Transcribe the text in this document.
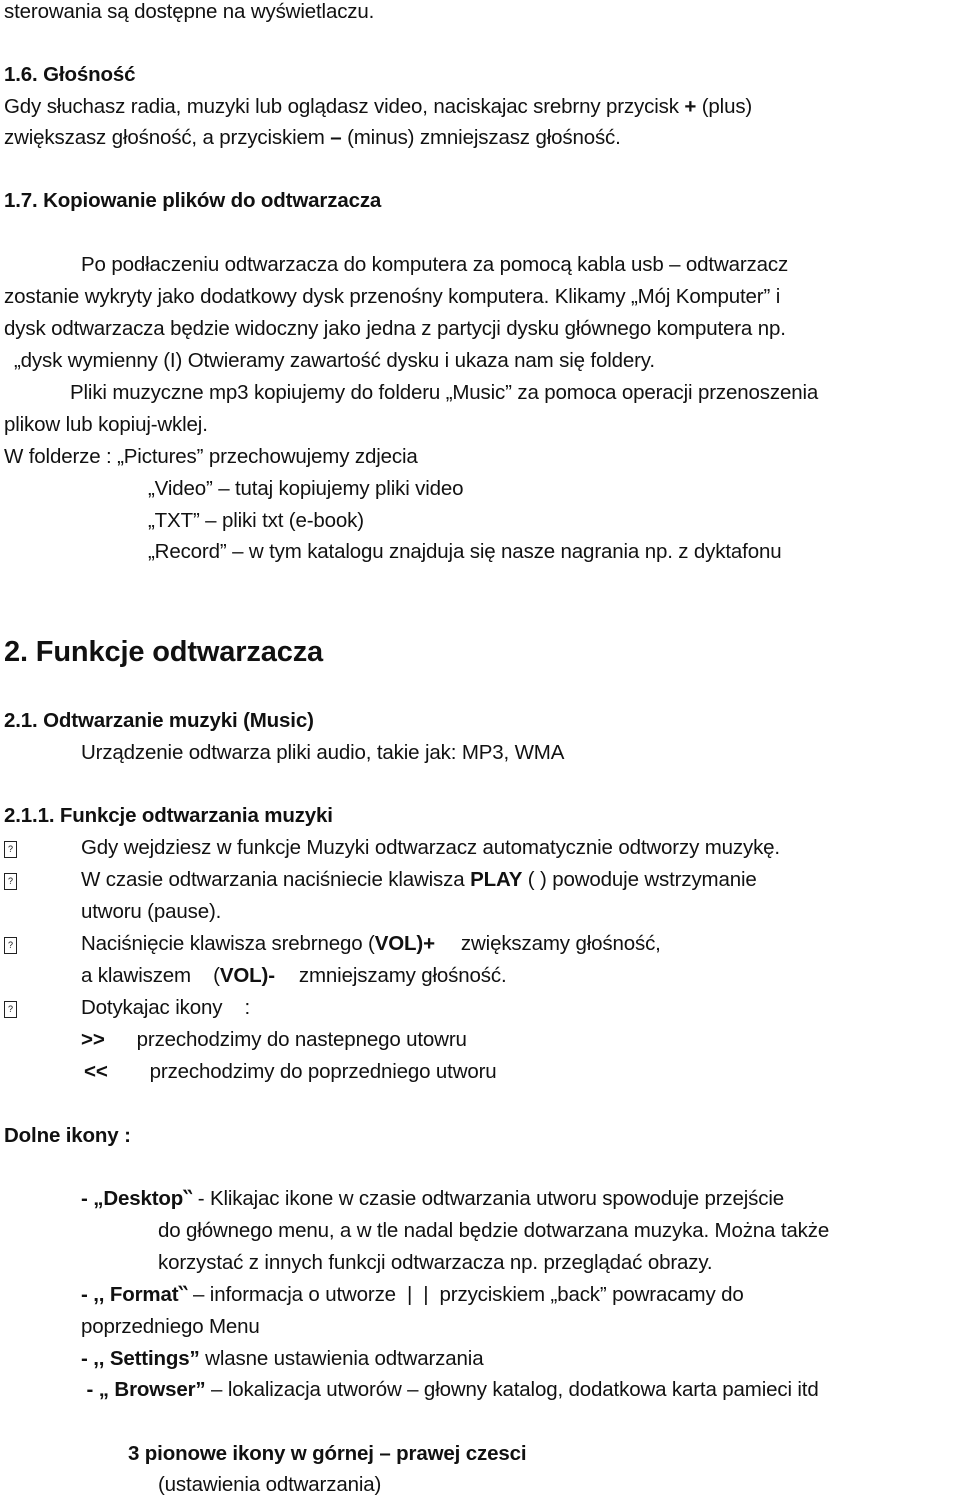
sterowania są dostępne na wyświetlaczu.
1.6. Głośność
Gdy słuchasz radia, muzyki lub oglądasz video, naciskajac srebrny przycisk + (plus)
zwiększasz głośność, a przyciskiem – (minus) zmniejszasz głośność.
1.7. Kopiowanie plików do odtwarzacza
Po podłaczeniu odtwarzacza do komputera za pomocą kabla usb – odtwarzacz
zostanie wykryty jako dodatkowy dysk przenośny komputera. Klikamy „Mój Komputer” i
dysk odtwarzacza będzie widoczny jako jedna z partycji dysku głównego komputera np.
„dysk wymienny (I) Otwieramy zawartość dysku i ukaza nam się foldery.
Pliki muzyczne mp3 kopiujemy do folderu „Music” za pomoca operacji przenoszenia
plikow lub kopiuj-wklej.
W folderze : „Pictures” przechowujemy zdjecia
„Video” – tutaj kopiujemy pliki video
„TXT” – pliki txt (e-book)
„Record” – w tym katalogu znajduja się nasze nagrania np. z dyktafonu
2. Funkcje odtwarzacza
2.1. Odtwarzanie muzyki (Music)
Urządzenie odtwarza pliki audio, takie jak: MP3, WMA
2.1.1. Funkcje odtwarzania muzyki
?	Gdy wejdziesz w funkcje Muzyki odtwarzacz automatycznie odtworzy muzykę.
?	W czasie odtwarzania naciśniecie klawisza PLAY ( ) powoduje wstrzymanie
utworu (pause).
?	Naciśnięcie klawisza srebrnego (VOL)+ zwiększamy głośność,
a klawiszem    (VOL)- zmniejszamy głośność.
?	Dotykajac ikony    :
>> przechodzimy do nastepnego utowru
<< przechodzimy do poprzedniego utworu
Dolne ikony :
- „Desktop‵‵ - Klikajac ikone w czasie odtwarzania utworu spowoduje przejście
do głównego menu, a w tle nadal będzie dotwarzana muzyka. Można także
korzystać z innych funkcji odtwarzacza np. przeglądać obrazy.
- ,, Format‵‵ – informacja o utworze  |  |  przyciskiem „back” powracamy do
poprzedniego Menu
- ,, Settings” wlasne ustawienia odtwarzania
- „ Browser” – lokalizacja utworów – głowny katalog, dodatkowa karta pamieci itd
3 pionowe ikony w górnej – prawej czesci
(ustawienia odtwarzania)
